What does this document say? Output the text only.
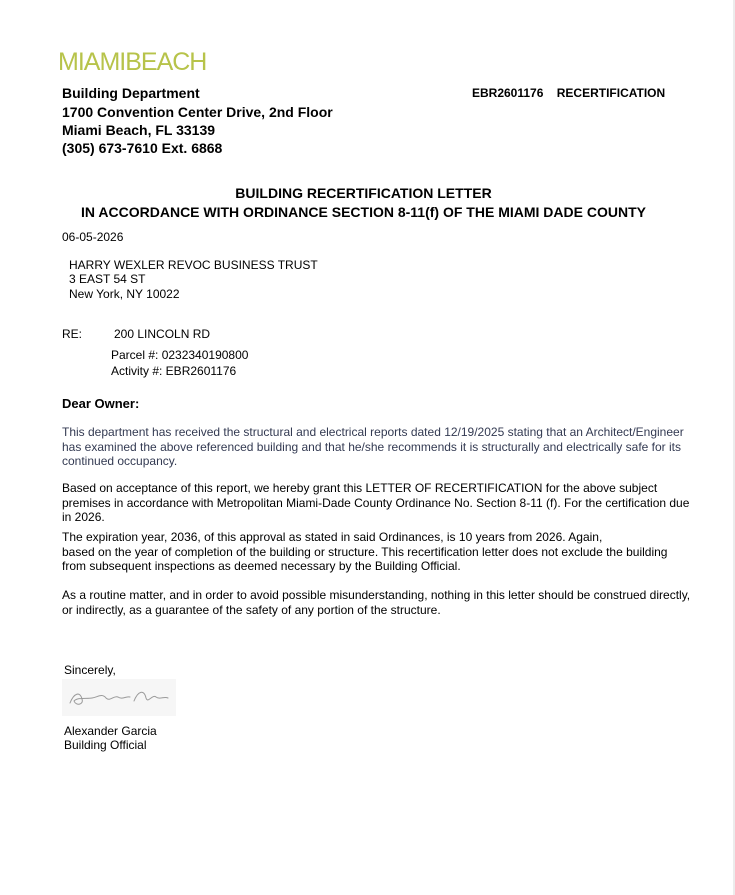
MIAMIBEACH
Building Department
1700 Convention Center Drive, 2nd Floor
Miami Beach, FL 33139
(305) 673-7610 Ext. 6868
EBR2601176 RECERTIFICATION
BUILDING RECERTIFICATION LETTER
IN ACCORDANCE WITH ORDINANCE SECTION 8-11(f) OF THE MIAMI DADE COUNTY
06-05-2026
HARRY WEXLER REVOC BUSINESS TRUST
3 EAST 54 ST
New York, NY 10022
RE:	200 LINCOLN RD
Parcel #: 0232340190800
Activity #: EBR2601176
Dear Owner:
This department has received the structural and electrical reports dated 12/19/2025 stating that an Architect/Engineer has examined the above referenced building and that he/she recommends it is structurally and electrically safe for its continued occupancy.
Based on acceptance of this report, we hereby grant this LETTER OF RECERTIFICATION for the above subject premises in accordance with Metropolitan Miami-Dade County Ordinance No. Section 8-11 (f). For the certification due in 2026.
The expiration year, 2036, of this approval as stated in said Ordinances, is 10 years from 2026. Again,
based on the year of completion of the building or structure. This recertification letter does not exclude the building from subsequent inspections as deemed necessary by the Building Official.
As a routine matter, and in order to avoid possible misunderstanding, nothing in this letter should be construed directly, or indirectly, as a guarantee of the safety of any portion of the structure.
Sincerely,
Alexander Garcia
Building Official
